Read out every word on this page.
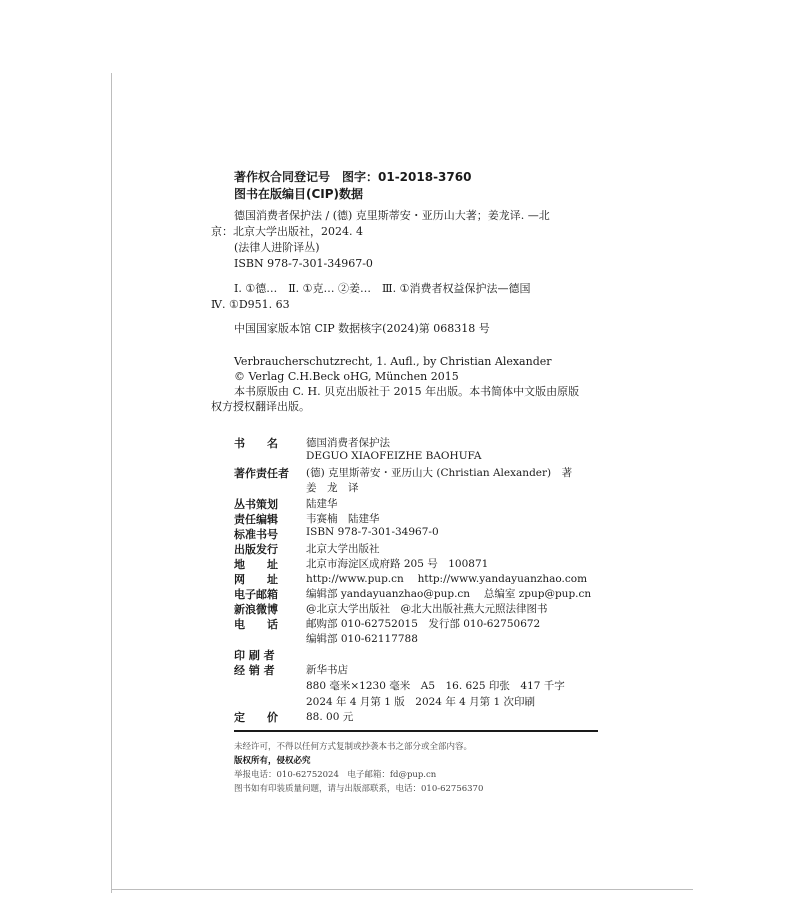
著作权合同登记号　图字：01-2018-3760
图书在版编目(CIP)数据
德国消费者保护法 / (德) 克里斯蒂安・亚历山大著；姜龙译. —北
京：北京大学出版社，2024. 4
(法律人进阶译丛)
ISBN 978-7-301-34967-0
Ⅰ. ①德…　Ⅱ. ①克… ②姜…　Ⅲ. ①消费者权益保护法—德国
Ⅳ. ①D951. 63
中国国家版本馆 CIP 数据核字(2024)第 068318 号
Verbraucherschutzrecht, 1. Aufl., by Christian Alexander
© Verlag C.H.Beck oHG, München 2015
本书原版由 C. H. 贝克出版社于 2015 年出版。本书简体中文版由原版
权方授权翻译出版。
书　　名	德国消费者保护法
DEGUO XIAOFEIZHE BAOHUFA
著作责任者 (德) 克里斯蒂安・亚历山大 (Christian Alexander)　著
姜　龙　译
丛书策划	陆建华
责任编辑	韦赛楠　陆建华
标准书号	ISBN 978-7-301-34967-0
出版发行	北京大学出版社
地　　址	北京市海淀区成府路 205 号　100871
网　　址	http://www.pup.cn　 http://www.yandayuanzhao.com
电子邮箱	编辑部 yandayuanzhao@pup.cn　 总编室 zpup@pup.cn
新浪微博	@北京大学出版社　@北大出版社燕大元照法律图书
电　　话	邮购部 010-62752015　发行部 010-62750672
编辑部 010-62117788
印 刷 者
经 销 者	新华书店
880 毫米×1230 毫米　A5　16. 625 印张　417 千字
2024 年 4 月第 1 版　2024 年 4 月第 1 次印刷
定　　价	88. 00 元
未经许可，不得以任何方式复制或抄袭本书之部分或全部内容。
版权所有，侵权必究
举报电话：010-62752024　电子邮箱：fd@pup.cn
图书如有印装质量问题，请与出版部联系，电话：010-62756370
